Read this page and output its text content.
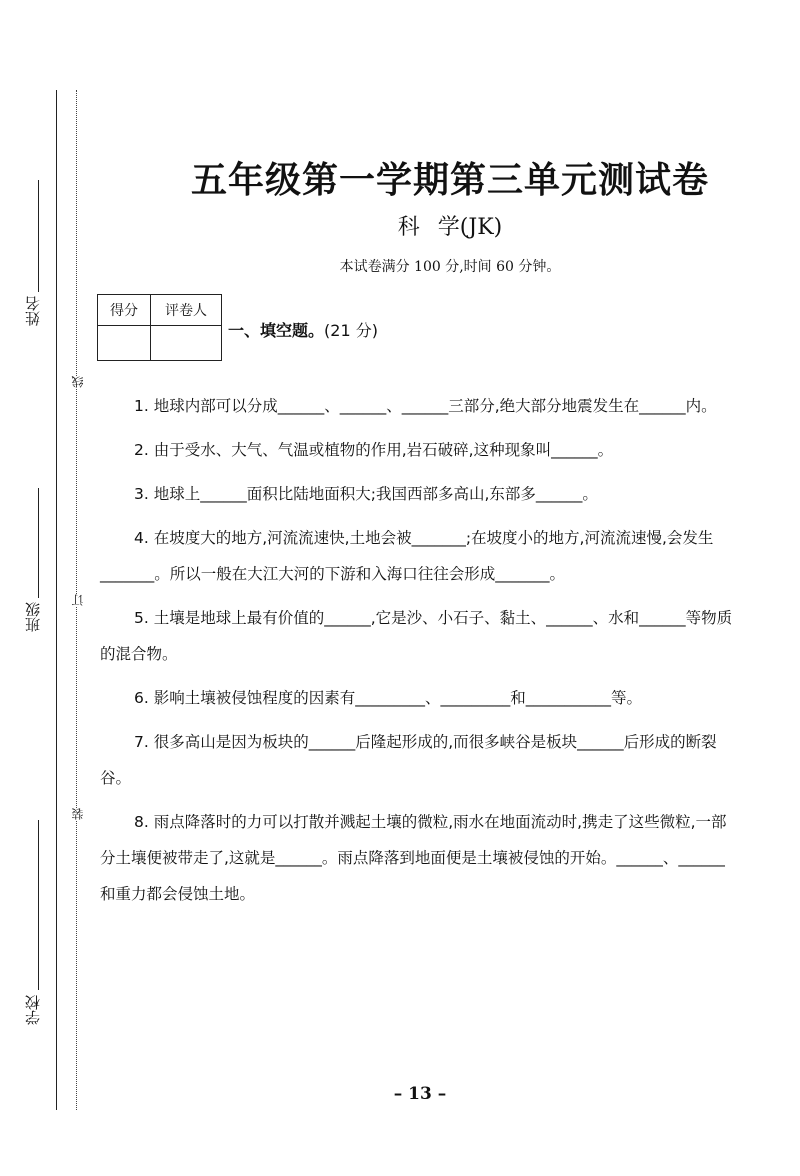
姓名
班级
学校
线
订
装
五年级第一学期第三单元测试卷
科学(JK)
本试卷满分 100 分,时间 60 分钟。
得分	评卷人

一、填空题。(21 分)

1. 地球内部可以分成______、______、______三部分,绝大部分地震发生在______内。

2. 由于受水、大气、气温或植物的作用,岩石破碎,这种现象叫______。

3. 地球上______面积比陆地面积大;我国西部多高山,东部多______。

4. 在坡度大的地方,河流流速快,土地会被_______;在坡度小的地方,河流流速慢,会发生_______。所以一般在大江大河的下游和入海口往往会形成_______。

5. 土壤是地球上最有价值的______,它是沙、小石子、黏土、______、水和______等物质的混合物。

6. 影响土壤被侵蚀程度的因素有_________、_________和___________等。

7. 很多高山是因为板块的______后隆起形成的,而很多峡谷是板块______后形成的断裂谷。

8. 雨点降落时的力可以打散并溅起土壤的微粒,雨水在地面流动时,携走了这些微粒,一部分土壤便被带走了,这就是______。雨点降落到地面便是土壤被侵蚀的开始。______、______和重力都会侵蚀土地。

– 13 –
